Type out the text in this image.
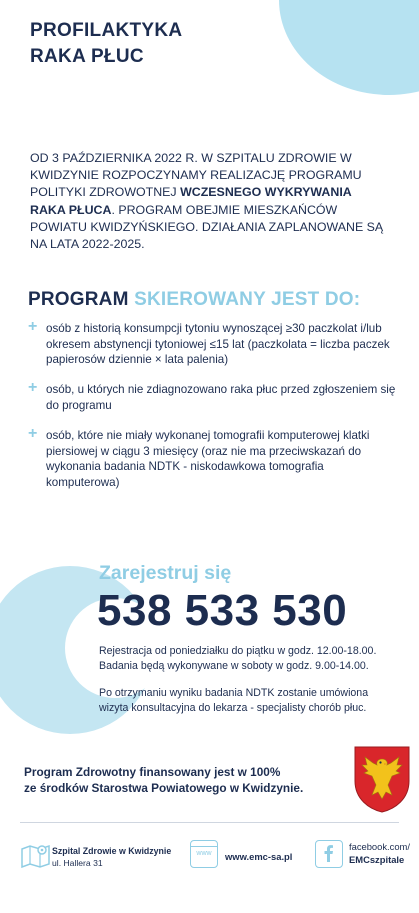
PROFILAKTYKA
RAKA PŁUC
OD 3 PAŹDZIERNIKA 2022 R. W SZPITALU ZDROWIE W KWIDZYNIE ROZPOCZYNAMY REALIZACJĘ PROGRAMU POLITYKI ZDROWOTNEJ WCZESNEGO WYKRYWANIA RAKA PŁUCA. PROGRAM OBEJMIE MIESZKAŃCÓW POWIATU KWIDZYŃSKIEGO. DZIAŁANIA ZAPLANOWANE SĄ NA LATA 2022-2025.
PROGRAM SKIEROWANY JEST DO:
+ osób z historią konsumpcji tytoniu wynoszącej ≥30 paczkolat i/lub okresem abstynencji tytoniowej ≤15 lat (paczkolata = liczba paczek papierosów dziennie × lata palenia)
+ osób, u których nie zdiagnozowano raka płuc przed zgłoszeniem się do programu
+ osób, które nie miały wykonanej tomografii komputerowej klatki piersiowej w ciągu 3 miesięcy (oraz nie ma przeciwskazań do wykonania badania NDTK - niskodawkowa tomografia komputerowa)
Zarejestruj się
538 533 530
Rejestracja od poniedziałku do piątku w godz. 12.00-18.00.
Badania będą wykonywane w soboty w godz. 9.00-14.00.
Po otrzymaniu wyniku badania NDTK zostanie umówiona
wizyta konsultacyjna do lekarza - specjalisty chorób płuc.
Program Zdrowotny finansowany jest w 100%
ze środków Starostwa Powiatowego w Kwidzynie.
Szpital Zdrowie w Kwidzynie
ul. Hallera 31
www	www.emc-sa.pl
facebook.com/
EMCszpitale
